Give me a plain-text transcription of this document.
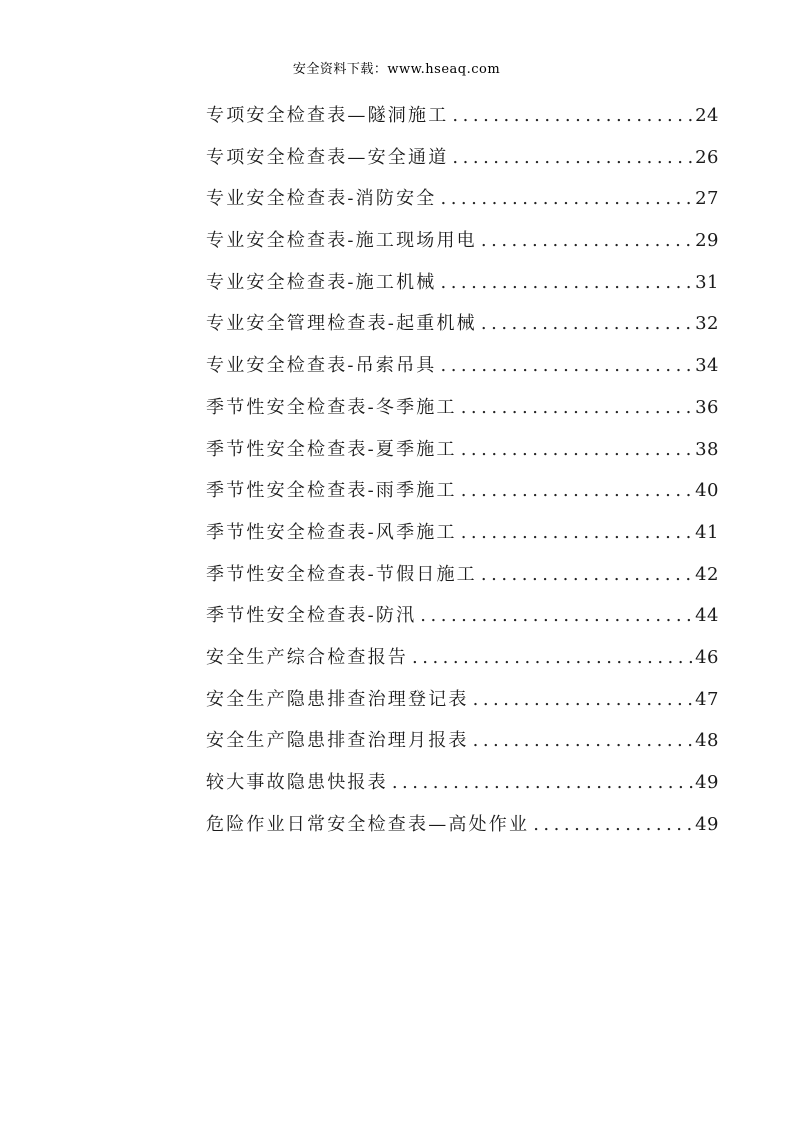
安全资料下载：www.hseaq.com
专项安全检查表—隧洞施工 .....	24
专项安全检查表—安全通道 .....	26
专业安全检查表-消防安全 .....	27
专业安全检查表-施工现场用电 .....	29
专业安全检查表-施工机械 .....	31
专业安全管理检查表-起重机械 .....	32
专业安全检查表-吊索吊具 .....	34
季节性安全检查表-冬季施工 .....	36
季节性安全检查表-夏季施工 .....	38
季节性安全检查表-雨季施工 .....	40
季节性安全检查表-风季施工 .....	41
季节性安全检查表-节假日施工 .....	42
季节性安全检查表-防汛 .....	44
安全生产综合检查报告 .....	46
安全生产隐患排查治理登记表 .....	47
安全生产隐患排查治理月报表 .....	48
较大事故隐患快报表 .....	49
危险作业日常安全检查表—高处作业 .....	49
